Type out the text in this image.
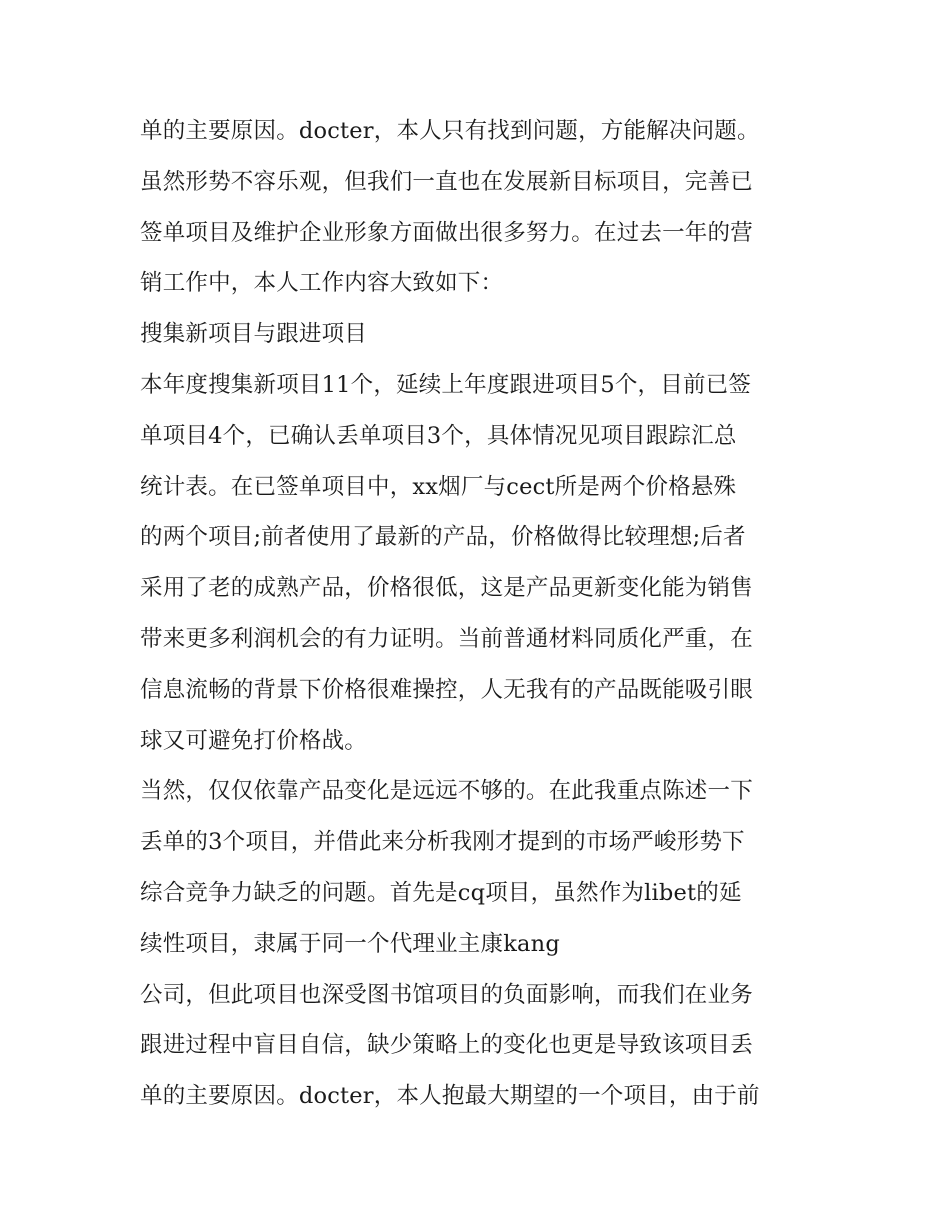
单的主要原因。docter，本人只有找到问题，方能解决问题。
虽然形势不容乐观，但我们一直也在发展新目标项目，完善已
签单项目及维护企业形象方面做出很多努力。在过去一年的营
销工作中，本人工作内容大致如下：
搜集新项目与跟进项目
本年度搜集新项目11个，延续上年度跟进项目5个，目前已签
单项目4个，已确认丢单项目3个，具体情况见项目跟踪汇总
统计表。在已签单项目中，xx烟厂与cect所是两个价格悬殊
的两个项目;前者使用了最新的产品，价格做得比较理想;后者
采用了老的成熟产品，价格很低，这是产品更新变化能为销售
带来更多利润机会的有力证明。当前普通材料同质化严重，在
信息流畅的背景下价格很难操控，人无我有的产品既能吸引眼
球又可避免打价格战。
当然，仅仅依靠产品变化是远远不够的。在此我重点陈述一下
丢单的3个项目，并借此来分析我刚才提到的市场严峻形势下
综合竞争力缺乏的问题。首先是cq项目，虽然作为libet的延
续性项目，隶属于同一个代理业主康kang
公司，但此项目也深受图书馆项目的负面影响，而我们在业务
跟进过程中盲目自信，缺少策略上的变化也更是导致该项目丢
单的主要原因。docter，本人抱最大期望的一个项目，由于前
